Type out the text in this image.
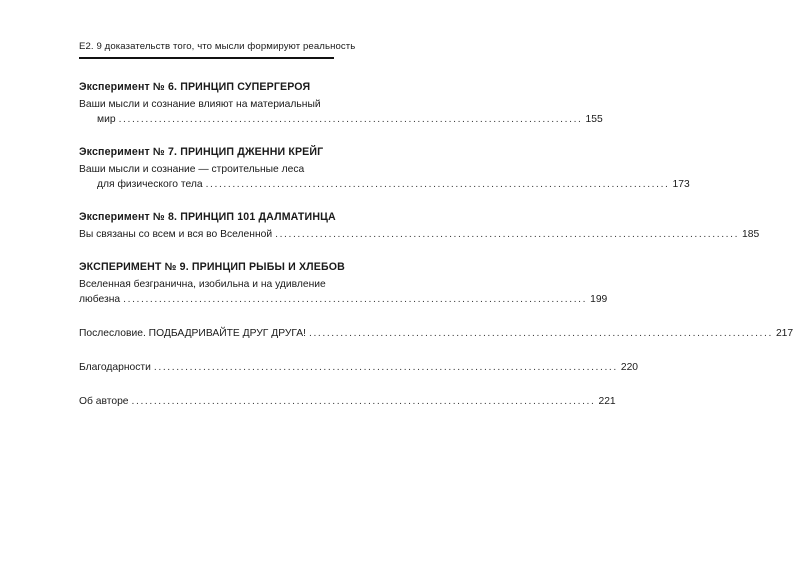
Е2. 9 доказательств того, что мысли формируют реальность
Эксперимент № 6. ПРИНЦИП СУПЕРГЕРОЯ
Ваши мысли и сознание влияют на материальный
мир ........................................................................................................ 155
Эксперимент № 7. ПРИНЦИП ДЖЕННИ КРЕЙГ
Ваши мысли и сознание — строительные леса
для физического тела ........................................................................................................ 173
Эксперимент № 8. ПРИНЦИП 101 ДАЛМАТИНЦА
Вы связаны со всем и вся во Вселенной ........................................................................................................ 185
ЭКСПЕРИМЕНТ № 9. ПРИНЦИП РЫБЫ И ХЛЕБОВ
Вселенная безгранична, изобильна и на удивление
любезна ........................................................................................................ 199
Послесловие. ПОДБАДРИВАЙТЕ ДРУГ ДРУГА! ........................................................................................................ 217
Благодарности ........................................................................................................ 220
Об авторе ........................................................................................................ 221
